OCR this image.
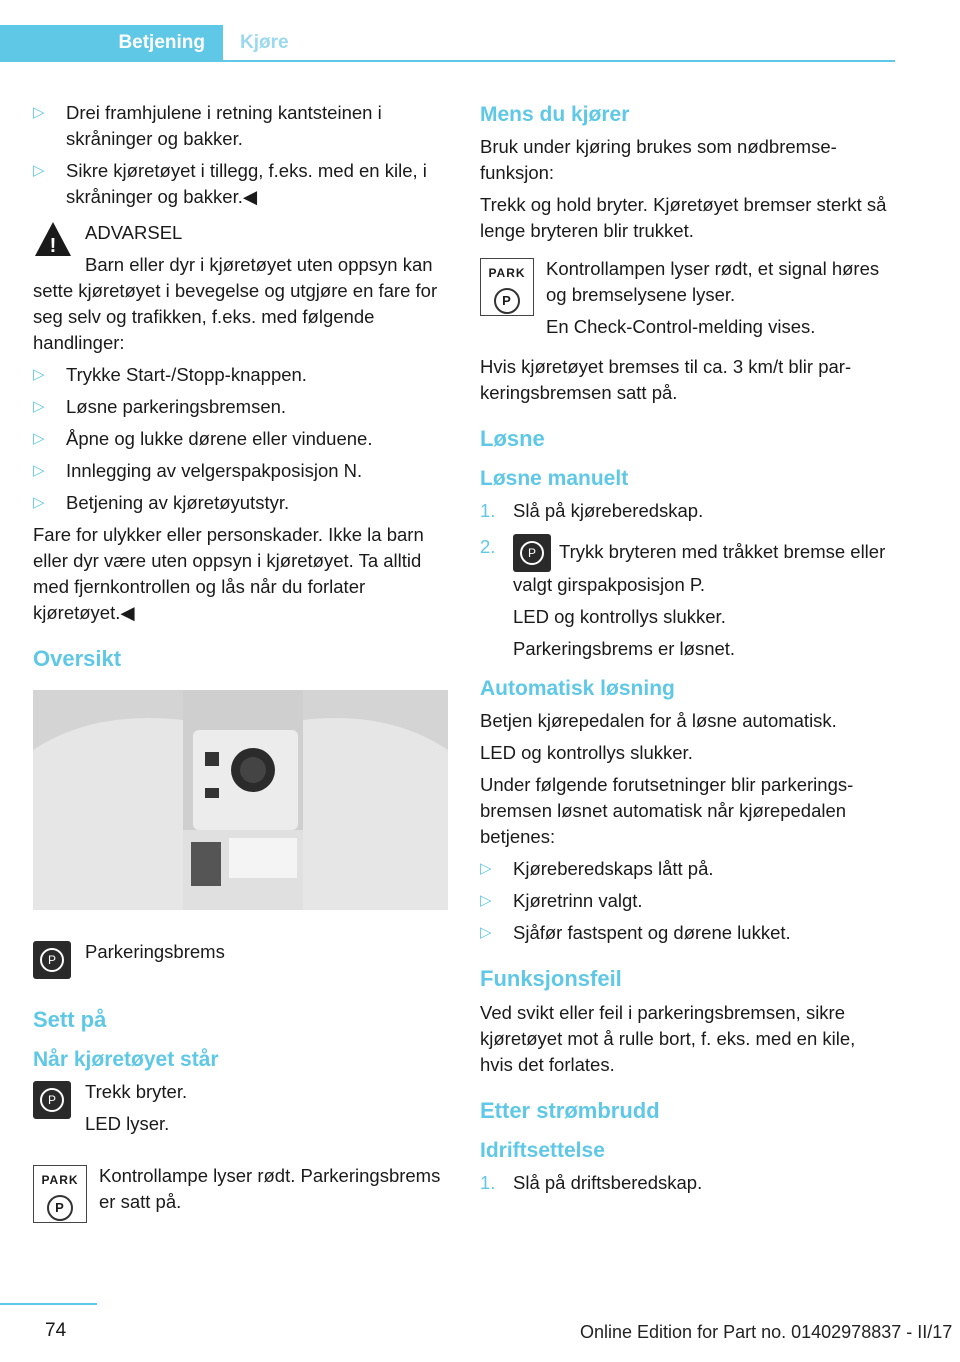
Betjening Kjøre
▷ Drei framhjulene i retning kantsteinen i skråninger og bakker.
▷ Sikre kjøretøyet i tillegg, f.eks. med en kile, i skråninger og bakker.◀
!

ADVARSEL

Barn eller dyr i kjøretøyet uten oppsyn kan sette kjøretøyet i bevegelse og utgjøre en fare for seg selv og trafikken, f.eks. med følgende handlinger:

▷ Trykke Start-/Stopp-knappen.
▷ Løsne parkeringsbremsen.
▷ Åpne og lukke dørene eller vinduene.
▷ Innlegging av velgerspakposisjon N.
▷ Betjening av kjøretøyutstyr.

Fare for ulykker eller personskader. Ikke la barn eller dyr være uten oppsyn i kjøretøyet. Ta alltid med fjernkontrollen og lås når du forlater kjøretøyet.◀

Oversikt
P	Parkeringsbrems

Sett på
Når kjøretøyet står
P	Trekk bryter.

LED lyser.

PARK
P

Kontrollampe lyser rødt. Parkeringsbrems er satt på.

Mens du kjører

Bruk under kjøring brukes som nødbremsefunksjon:

Trekk og hold bryter. Kjøretøyet bremser sterkt så lenge bryteren blir trukket.

PARK
P

Kontrollampen lyser rødt, et signal høres og bremselysene lyser.

En Check-Control-melding vises.

Hvis kjøretøyet bremses til ca. 3 km/t blir parkeringsbremsen satt på.

Løsne
Løsne manuelt
1. Slå på kjøreberedskap.
2.	P	Trykk bryteren med tråkket bremse eller valgt girspakposisjon P.

LED og kontrollys slukker.

Parkeringsbrems er løsnet.

Automatisk løsning

Betjen kjørepedalen for å løsne automatisk.

LED og kontrollys slukker.

Under følgende forutsetninger blir parkeringsbremsen løsnet automatisk når kjørepedalen betjenes:

▷ Kjøreberedskaps lått på.
▷ Kjøretrinn valgt.
▷ Sjåfør fastspent og dørene lukket.
Funksjonsfeil

Ved svikt eller feil i parkeringsbremsen, sikre kjøretøyet mot å rulle bort, f. eks. med en kile, hvis det forlates.

Etter strømbrudd
Idriftsettelse
1. Slå på driftsberedskap.
74	Online Edition for Part no. 01402978837 - II/17
